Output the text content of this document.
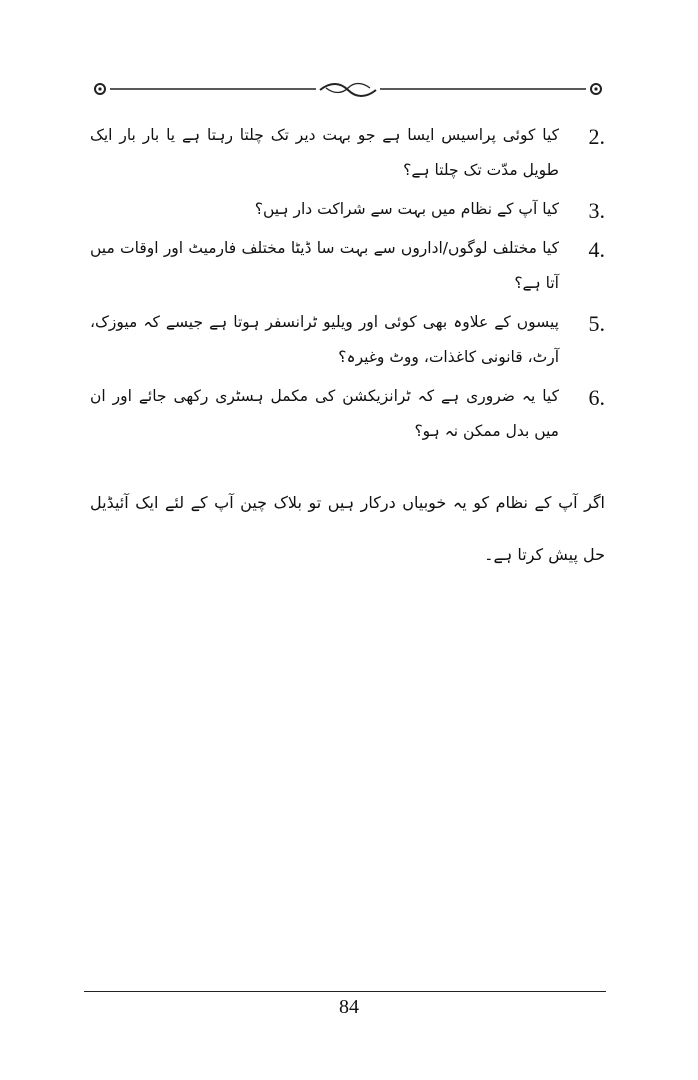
2.
کیا کوئی پراسیس ایسا ہے جو بہت دیر تک چلتا رہتا ہے یا بار بار ایک طویل مدّت تک چلتا ہے؟
3.
کیا آپ کے نظام میں بہت سے شراکت دار ہیں؟
4.
کیا مختلف لوگوں/اداروں سے بہت سا ڈیٹا مختلف فارمیٹ اور اوقات میں آتا ہے؟
5.
پیسوں کے علاوہ بھی کوئی اور ویلیو ٹرانسفر ہوتا ہے جیسے کہ میوزک، آرٹ، قانونی کاغذات، ووٹ وغیرہ؟
6.
کیا یہ ضروری ہے کہ ٹرانزیکشن کی مکمل ہسٹری رکھی جائے اور ان میں بدل ممکن نہ ہو؟

اگر آپ کے نظام کو یہ خوبیاں درکار ہیں تو بلاک چین آپ کے لئے ایک آئیڈیل حل پیش کرتا ہے۔

84
